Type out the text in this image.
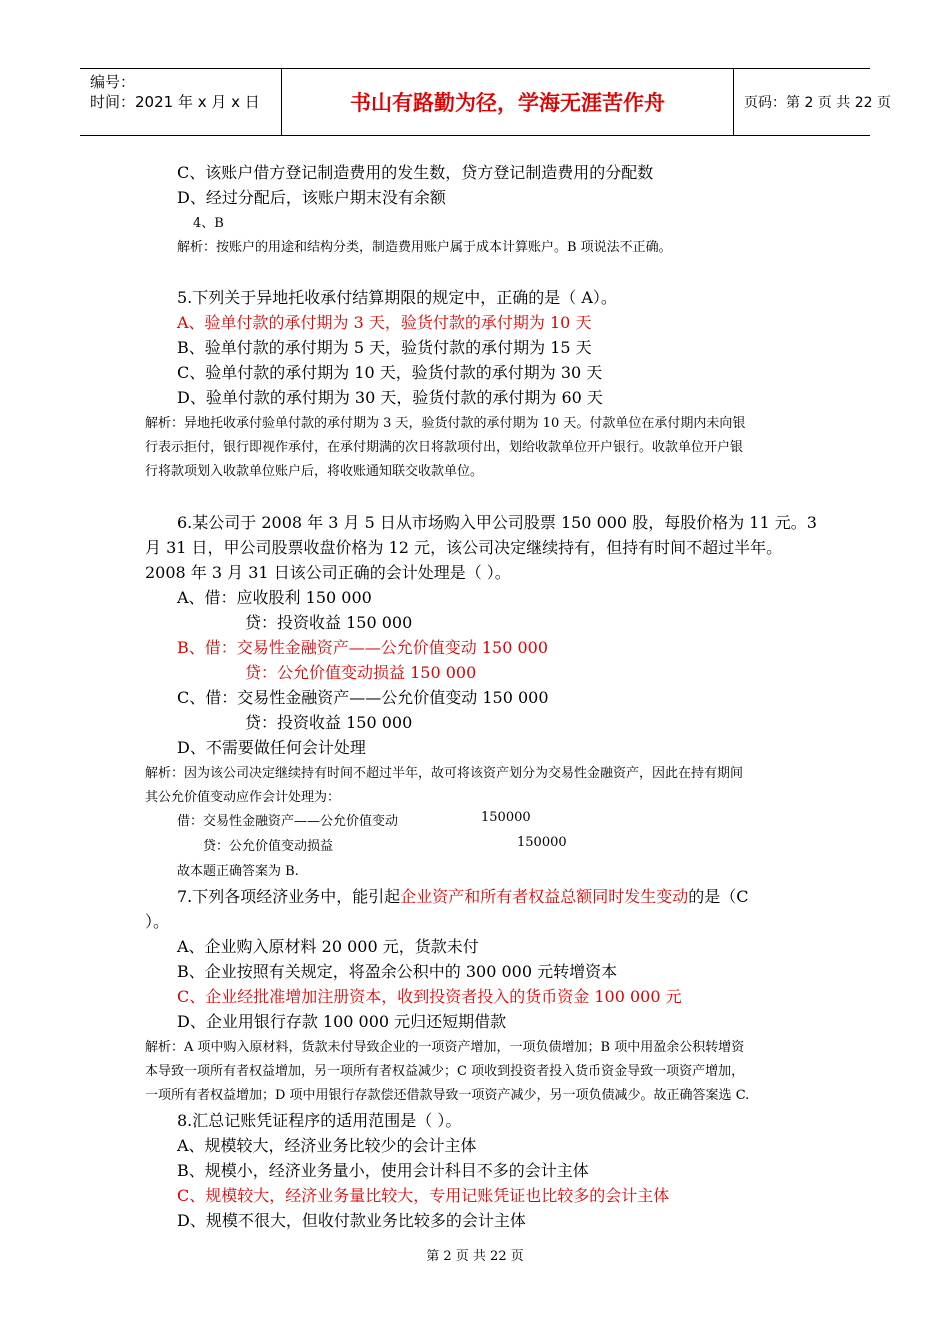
编号：
时间：2021 年 x 月 x 日	书山有路勤为径，学海无涯苦作舟	页码：第 2 页 共 22 页
C、该账户借方登记制造费用的发生数，贷方登记制造费用的分配数
D、经过分配后，该账户期末没有余额
4、B
解析：按账户的用途和结构分类，制造费用账户属于成本计算账户。B 项说法不正确。
5.下列关于异地托收承付结算期限的规定中，正确的是（ A）。
A、验单付款的承付期为 3 天，验货付款的承付期为 10 天
B、验单付款的承付期为 5 天，验货付款的承付期为 15 天
C、验单付款的承付期为 10 天，验货付款的承付期为 30 天
D、验单付款的承付期为 30 天，验货付款的承付期为 60 天
解析：异地托收承付验单付款的承付期为 3 天，验货付款的承付期为 10 天。付款单位在承付期内未向银
行表示拒付，银行即视作承付，在承付期满的次日将款项付出，划给收款单位开户银行。收款单位开户银
行将款项划入收款单位账户后，将收账通知联交收款单位。
6.某公司于 2008 年 3 月 5 日从市场购入甲公司股票 150 000 股，每股价格为 11 元。3
月 31 日，甲公司股票收盘价格为 12 元，该公司决定继续持有，但持有时间不超过半年。
2008 年 3 月 31 日该公司正确的会计处理是（ ）。
A、借：应收股利 150 000
贷：投资收益 150 000
B、借：交易性金融资产——公允价值变动 150 000
贷：公允价值变动损益 150 000
C、借：交易性金融资产——公允价值变动 150 000
贷：投资收益 150 000
D、不需要做任何会计处理
解析：因为该公司决定继续持有时间不超过半年，故可将该资产划分为交易性金融资产，因此在持有期间
其公允价值变动应作会计处理为：
借：交易性金融资产——公允价值变动	150000
贷：公允价值变动损益	150000
故本题正确答案为 B.
7.下列各项经济业务中，能引起企业资产和所有者权益总额同时发生变动的是（C
）。
A、企业购入原材料 20 000 元，货款未付
B、企业按照有关规定，将盈余公积中的 300 000 元转增资本
C、企业经批准增加注册资本，收到投资者投入的货币资金 100 000 元
D、企业用银行存款 100 000 元归还短期借款
解析：A 项中购入原材料，货款未付导致企业的一项资产增加，一项负债增加；B 项中用盈余公积转增资
本导致一项所有者权益增加，另一项所有者权益减少；C 项收到投资者投入货币资金导致一项资产增加，
一项所有者权益增加；D 项中用银行存款偿还借款导致一项资产减少，另一项负债减少。故正确答案选 C.
8.汇总记账凭证程序的适用范围是（ ）。
A、规模较大，经济业务比较少的会计主体
B、规模小，经济业务量小，使用会计科目不多的会计主体
C、规模较大，经济业务量比较大，专用记账凭证也比较多的会计主体
D、规模不很大，但收付款业务比较多的会计主体
第 2 页 共 22 页
